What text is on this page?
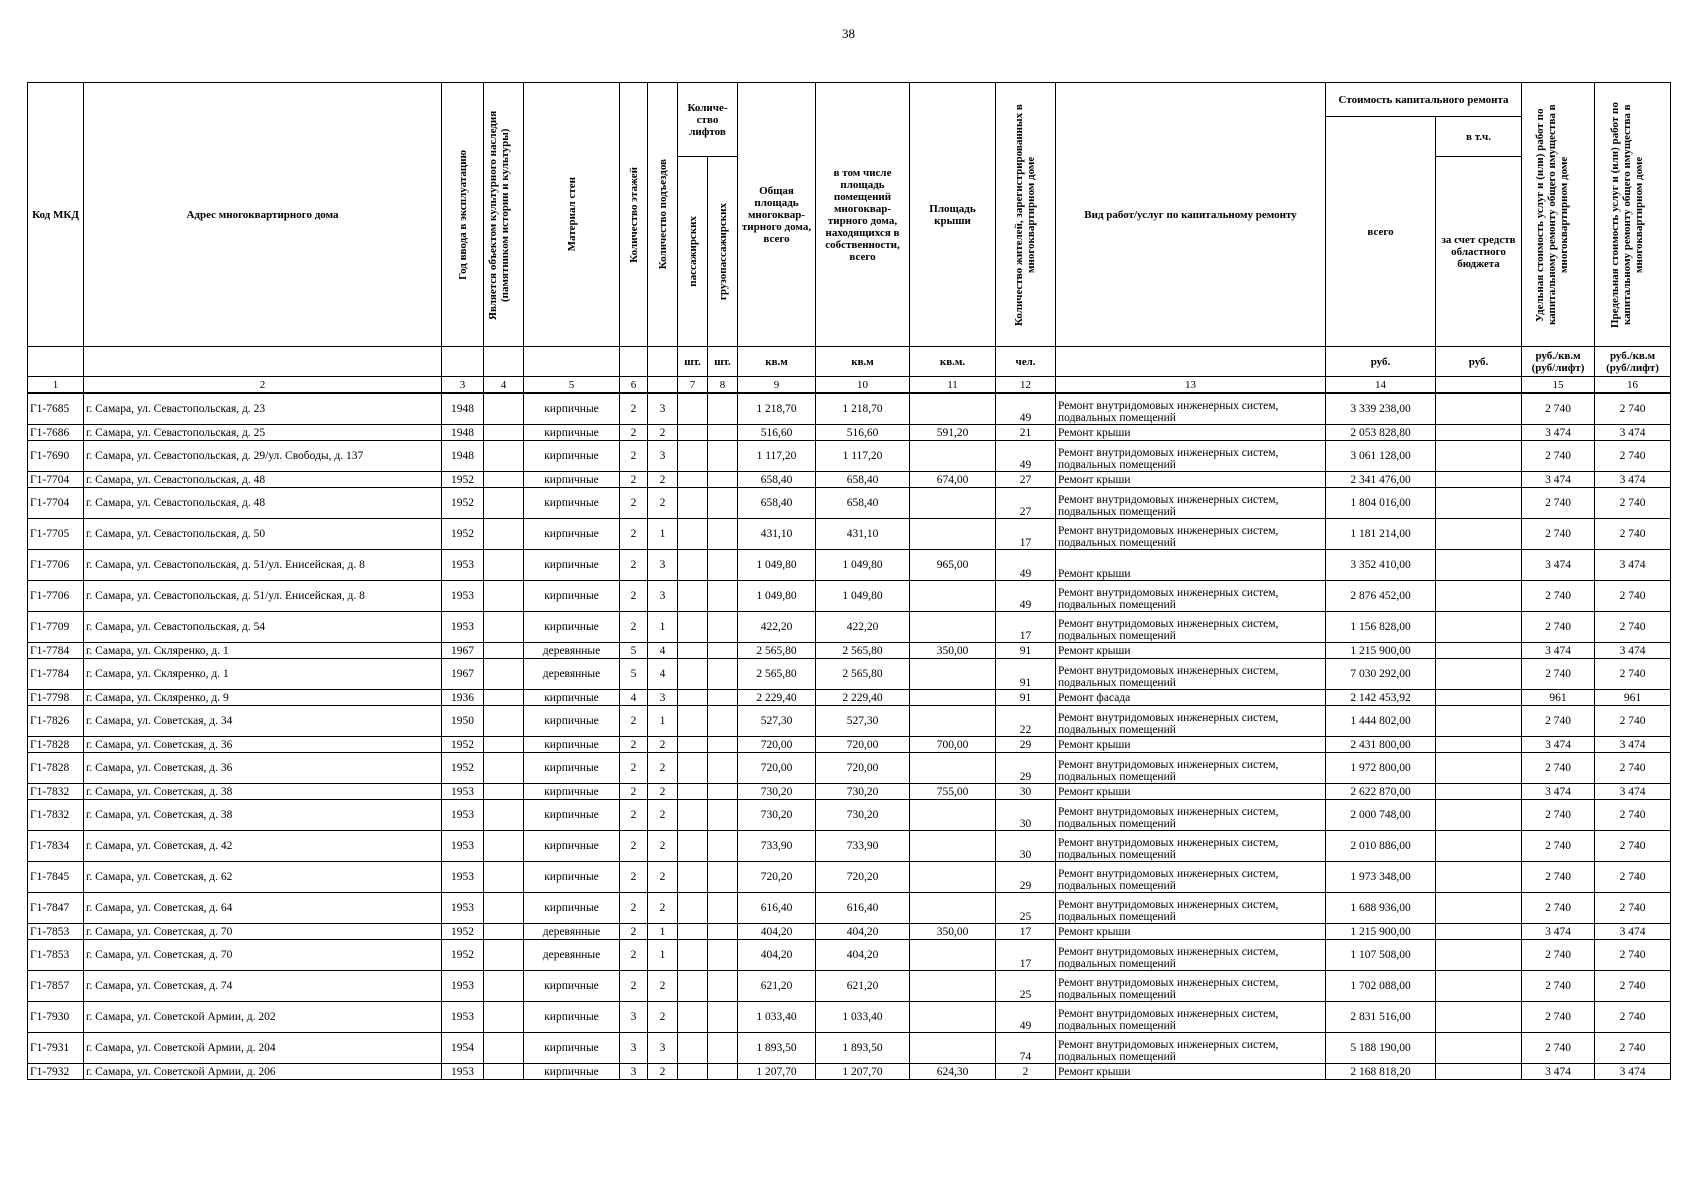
38
Код МКД	Адрес многоквартирного дома	Год ввода в эксплуатацию	Является объектом культурного наследия (памятником истории и культуры)	Материал стен	Количество этажей	Количество подъездов	Количе-ство лифтов		Общая площадь многоквар-тирного дома, всего	в том числе площадь помещений многоквар-тирного дома, находящихся в собственности, всего	Площадь крыши	Количество жителей, зарегистрированных в многоквартирном доме	Вид работ/услуг по капитальному ремонту	Стоимость капитального ремонта		Удельная стоимость услуг и (или) работ по капитальному ремонту общего имущества в многоквартирном доме	Предельная стоимость услуг и (или) работ по капитальному ремонту общего имущества в многоквартирном доме

														всего	в т.ч.		

							пассажирских	грузопассажирских							за счет средств областного бюджета		
							шт.	шт.	кв.м	кв.м	кв.м.	чел.		руб.	руб.	руб./кв.м (руб/лифт)	руб./кв.м (руб/лифт)
1	2	3	4	5	6		7	8	9	10	11	12	13	14		15	16
Г1-7685	г. Самара, ул. Севастопольская, д. 23	1948		кирпичные	2	3			1 218,70	1 218,70		49	Ремонт внутридомовых инженерных систем, подвальных помещений	3 339 238,00		2 740	2 740
Г1-7686	г. Самара, ул. Севастопольская, д. 25	1948		кирпичные	2	2			516,60	516,60	591,20	21	Ремонт крыши	2 053 828,80		3 474	3 474
Г1-7690	г. Самара, ул. Севастопольская, д. 29/ул. Свободы, д. 137	1948		кирпичные	2	3			1 117,20	1 117,20		49	Ремонт внутридомовых инженерных систем, подвальных помещений	3 061 128,00		2 740	2 740
Г1-7704	г. Самара, ул. Севастопольская, д. 48	1952		кирпичные	2	2			658,40	658,40	674,00	27	Ремонт крыши	2 341 476,00		3 474	3 474
Г1-7704	г. Самара, ул. Севастопольская, д. 48	1952		кирпичные	2	2			658,40	658,40		27	Ремонт внутридомовых инженерных систем, подвальных помещений	1 804 016,00		2 740	2 740
Г1-7705	г. Самара, ул. Севастопольская, д. 50	1952		кирпичные	2	1			431,10	431,10		17	Ремонт внутридомовых инженерных систем, подвальных помещений	1 181 214,00		2 740	2 740
Г1-7706	г. Самара, ул. Севастопольская, д. 51/ул. Енисейская, д. 8	1953		кирпичные	2	3			1 049,80	1 049,80	965,00	49	Ремонт крыши	3 352 410,00		3 474	3 474
Г1-7706	г. Самара, ул. Севастопольская, д. 51/ул. Енисейская, д. 8	1953		кирпичные	2	3			1 049,80	1 049,80		49	Ремонт внутридомовых инженерных систем, подвальных помещений	2 876 452,00		2 740	2 740
Г1-7709	г. Самара, ул. Севастопольская, д. 54	1953		кирпичные	2	1			422,20	422,20		17	Ремонт внутридомовых инженерных систем, подвальных помещений	1 156 828,00		2 740	2 740
Г1-7784	г. Самара, ул. Скляренко, д. 1	1967		деревянные	5	4			2 565,80	2 565,80	350,00	91	Ремонт крыши	1 215 900,00		3 474	3 474
Г1-7784	г. Самара, ул. Скляренко, д. 1	1967		деревянные	5	4			2 565,80	2 565,80		91	Ремонт внутридомовых инженерных систем, подвальных помещений	7 030 292,00		2 740	2 740
Г1-7798	г. Самара, ул. Скляренко, д. 9	1936		кирпичные	4	3			2 229,40	2 229,40		91	Ремонт фасада	2 142 453,92		961	961
Г1-7826	г. Самара, ул. Советская, д. 34	1950		кирпичные	2	1			527,30	527,30		22	Ремонт внутридомовых инженерных систем, подвальных помещений	1 444 802,00		2 740	2 740
Г1-7828	г. Самара, ул. Советская, д. 36	1952		кирпичные	2	2			720,00	720,00	700,00	29	Ремонт крыши	2 431 800,00		3 474	3 474
Г1-7828	г. Самара, ул. Советская, д. 36	1952		кирпичные	2	2			720,00	720,00		29	Ремонт внутридомовых инженерных систем, подвальных помещений	1 972 800,00		2 740	2 740
Г1-7832	г. Самара, ул. Советская, д. 38	1953		кирпичные	2	2			730,20	730,20	755,00	30	Ремонт крыши	2 622 870,00		3 474	3 474
Г1-7832	г. Самара, ул. Советская, д. 38	1953		кирпичные	2	2			730,20	730,20		30	Ремонт внутридомовых инженерных систем, подвальных помещений	2 000 748,00		2 740	2 740
Г1-7834	г. Самара, ул. Советская, д. 42	1953		кирпичные	2	2			733,90	733,90		30	Ремонт внутридомовых инженерных систем, подвальных помещений	2 010 886,00		2 740	2 740
Г1-7845	г. Самара, ул. Советская, д. 62	1953		кирпичные	2	2			720,20	720,20		29	Ремонт внутридомовых инженерных систем, подвальных помещений	1 973 348,00		2 740	2 740
Г1-7847	г. Самара, ул. Советская, д. 64	1953		кирпичные	2	2			616,40	616,40		25	Ремонт внутридомовых инженерных систем, подвальных помещений	1 688 936,00		2 740	2 740
Г1-7853	г. Самара, ул. Советская, д. 70	1952		деревянные	2	1			404,20	404,20	350,00	17	Ремонт крыши	1 215 900,00		3 474	3 474
Г1-7853	г. Самара, ул. Советская, д. 70	1952		деревянные	2	1			404,20	404,20		17	Ремонт внутридомовых инженерных систем, подвальных помещений	1 107 508,00		2 740	2 740
Г1-7857	г. Самара, ул. Советская, д. 74	1953		кирпичные	2	2			621,20	621,20		25	Ремонт внутридомовых инженерных систем, подвальных помещений	1 702 088,00		2 740	2 740
Г1-7930	г. Самара, ул. Советской Армии, д. 202	1953		кирпичные	3	2			1 033,40	1 033,40		49	Ремонт внутридомовых инженерных систем, подвальных помещений	2 831 516,00		2 740	2 740
Г1-7931	г. Самара, ул. Советской Армии, д. 204	1954		кирпичные	3	3			1 893,50	1 893,50		74	Ремонт внутридомовых инженерных систем, подвальных помещений	5 188 190,00		2 740	2 740
Г1-7932	г. Самара, ул. Советской Армии, д. 206	1953		кирпичные	3	2			1 207,70	1 207,70	624,30	2	Ремонт крыши	2 168 818,20		3 474	3 474
